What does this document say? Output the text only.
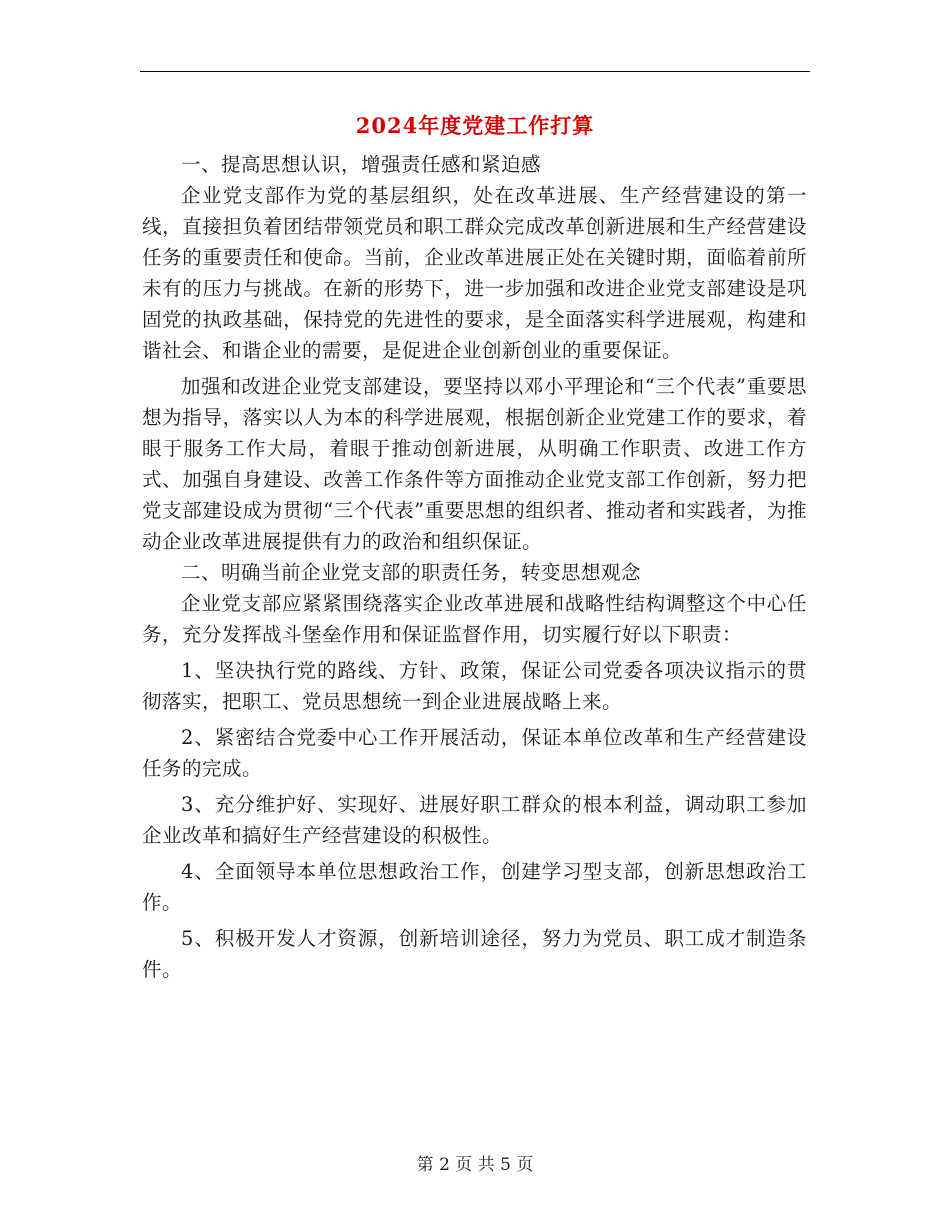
2024年度党建工作打算

一、提高思想认识，增强责任感和紧迫感

企业党支部作为党的基层组织，处在改革进展、生产经营建设的第一线，直接担负着团结带领党员和职工群众完成改革创新进展和生产经营建设任务的重要责任和使命。当前，企业改革进展正处在关键时期，面临着前所未有的压力与挑战。在新的形势下，进一步加强和改进企业党支部建设是巩固党的执政基础，保持党的先进性的要求，是全面落实科学进展观，构建和谐社会、和谐企业的需要，是促进企业创新创业的重要保证。

加强和改进企业党支部建设，要坚持以邓小平理论和“三个代表”重要思想为指导，落实以人为本的科学进展观，根据创新企业党建工作的要求，着眼于服务工作大局，着眼于推动创新进展，从明确工作职责、改进工作方式、加强自身建设、改善工作条件等方面推动企业党支部工作创新，努力把党支部建设成为贯彻“三个代表”重要思想的组织者、推动者和实践者，为推动企业改革进展提供有力的政治和组织保证。

二、明确当前企业党支部的职责任务，转变思想观念

企业党支部应紧紧围绕落实企业改革进展和战略性结构调整这个中心任务，充分发挥战斗堡垒作用和保证监督作用，切实履行好以下职责：

1、坚决执行党的路线、方针、政策，保证公司党委各项决议指示的贯彻落实，把职工、党员思想统一到企业进展战略上来。

2、紧密结合党委中心工作开展活动，保证本单位改革和生产经营建设任务的完成。

3、充分维护好、实现好、进展好职工群众的根本利益，调动职工参加企业改革和搞好生产经营建设的积极性。

4、全面领导本单位思想政治工作，创建学习型支部，创新思想政治工作。

5、积极开发人才资源，创新培训途径，努力为党员、职工成才制造条件。

第 2 页 共 5 页
